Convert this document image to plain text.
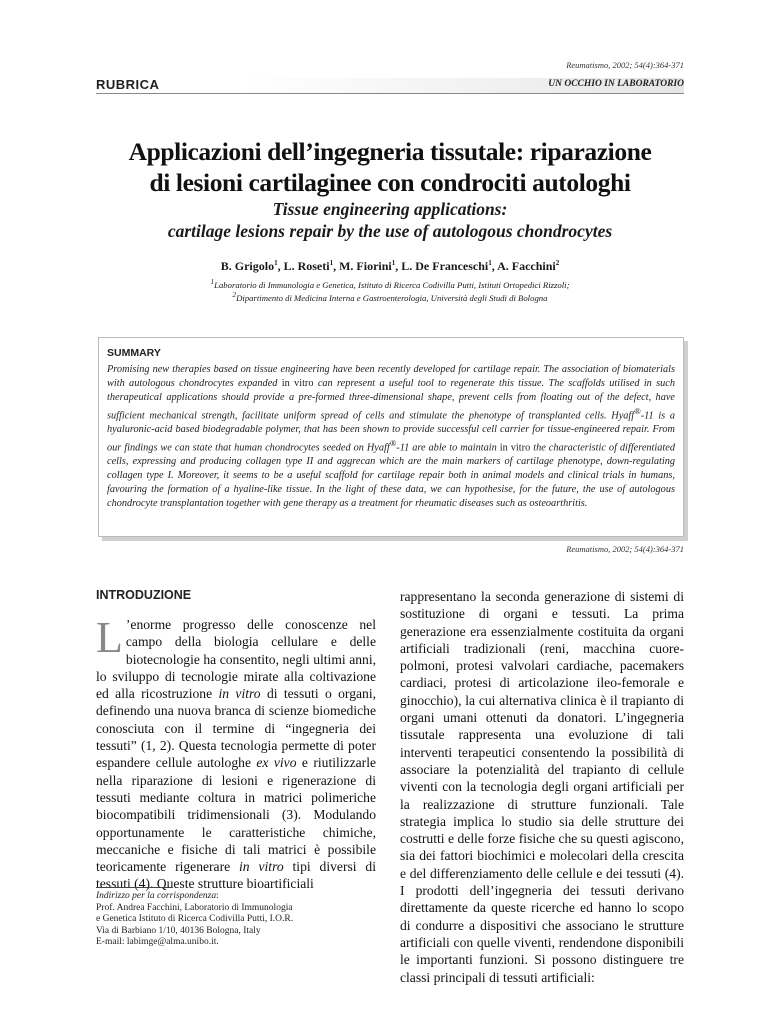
Reumatismo, 2002; 54(4):364-371
RUBRICA	UN OCCHIO IN LABORATORIO
Applicazioni dell’ingegneria tissutale: riparazione
di lesioni cartilaginee con condrociti autologhi
Tissue engineering applications:
cartilage lesions repair by the use of autologous chondrocytes
B. Grigolo$^1$, L. Roseti$^1$, M. Fiorini$^1$, L. De Franceschi$^1$, A. Facchini$^2$
$^1$Laboratorio di Immunologia e Genetica, Istituto di Ricerca Codivilla Putti, Istituti Ortopedici Rizzoli;
$^2$Dipartimento di Medicina Interna e Gastroenterologia, Università degli Studi di Bologna
SUMMARY
Promising new therapies based on tissue engineering have been recently developed for cartilage repair. The association of biomaterials with autologous chondrocytes expanded in vitro can represent a useful tool to regenerate this tissue. The scaffolds utilised in such therapeutical applications should provide a pre-formed three-dimensional shape, prevent cells from floating out of the defect, have sufficient mechanical strength, facilitate uniform spread of cells and stimulate the phenotype of transplanted cells. Hyaff®-11 is a hyaluronic-acid based biodegradable polymer, that has been shown to provide successful cell carrier for tissue-engineered repair. From our findings we can state that human chondrocytes seeded on Hyaff®-11 are able to maintain in vitro the characteristic of differentiated cells, expressing and producing collagen type II and aggrecan which are the main markers of cartilage phenotype, down-regulating collagen type I. Moreover, it seems to be a useful scaffold for cartilage repair both in animal models and clinical trials in humans, favouring the formation of a hyaline-like tissue. In the light of these data, we can hypothesise, for the future, the use of autologous chondrocyte transplantation together with gene therapy as a treatment for rheumatic diseases such as osteoarthritis.
Reumatismo, 2002; 54(4):364-371
INTRODUZIONE

L ’enorme progresso delle conoscenze nel campo della biologia cellulare e delle biotecnologie ha consentito, negli ultimi anni, lo sviluppo di tecnologie mirate alla coltivazione ed alla ricostruzione in vitro di tessuti o organi, definendo una nuova branca di scienze biomediche conosciuta con il termine di “ingegneria dei tessuti” (1, 2). Questa tecnologia permette di poter espandere cellule autologhe ex vivo e riutilizzarle nella riparazione di lesioni e rigenerazione di tessuti mediante coltura in matrici polimeriche biocompatibili tridimensionali (3). Modulando opportunamente le caratteristiche chimiche, meccaniche e fisiche di tali matrici è possibile teoricamente rigenerare in vitro tipi diversi di tessuti (4). Queste strutture bioartificiali

rappresentano la seconda generazione di sistemi di sostituzione di organi e tessuti. La prima generazione era essenzialmente costituita da organi artificiali tradizionali (reni, macchina cuore-polmoni, protesi valvolari cardiache, pacemakers cardiaci, protesi di articolazione ileo-femorale e ginocchio), la cui alternativa clinica è il trapianto di organi umani ottenuti da donatori. L’ingegneria tissutale rappresenta una evoluzione di tali interventi terapeutici consentendo la possibilità di associare la potenzialità del trapianto di cellule viventi con la tecnologia degli organi artificiali per la realizzazione di strutture funzionali. Tale strategia implica lo studio sia delle strutture dei costrutti e delle forze fisiche che su questi agiscono, sia dei fattori biochimici e molecolari della crescita e del differenziamento delle cellule e dei tessuti (4). I prodotti dell’ingegneria dei tessuti derivano direttamente da queste ricerche ed hanno lo scopo di condurre a dispositivi che associano le strutture artificiali con quelle viventi, rendendone disponibili le importanti funzioni. Si possono distinguere tre classi principali di tessuti artificiali:

Indirizzo per la corrispondenza:
Prof. Andrea Facchini, Laboratorio di Immunologia
e Genetica Istituto di Ricerca Codivilla Putti, I.O.R.
Via di Barbiano 1/10, 40136 Bologna, Italy
E-mail: labimge@alma.unibo.it.
